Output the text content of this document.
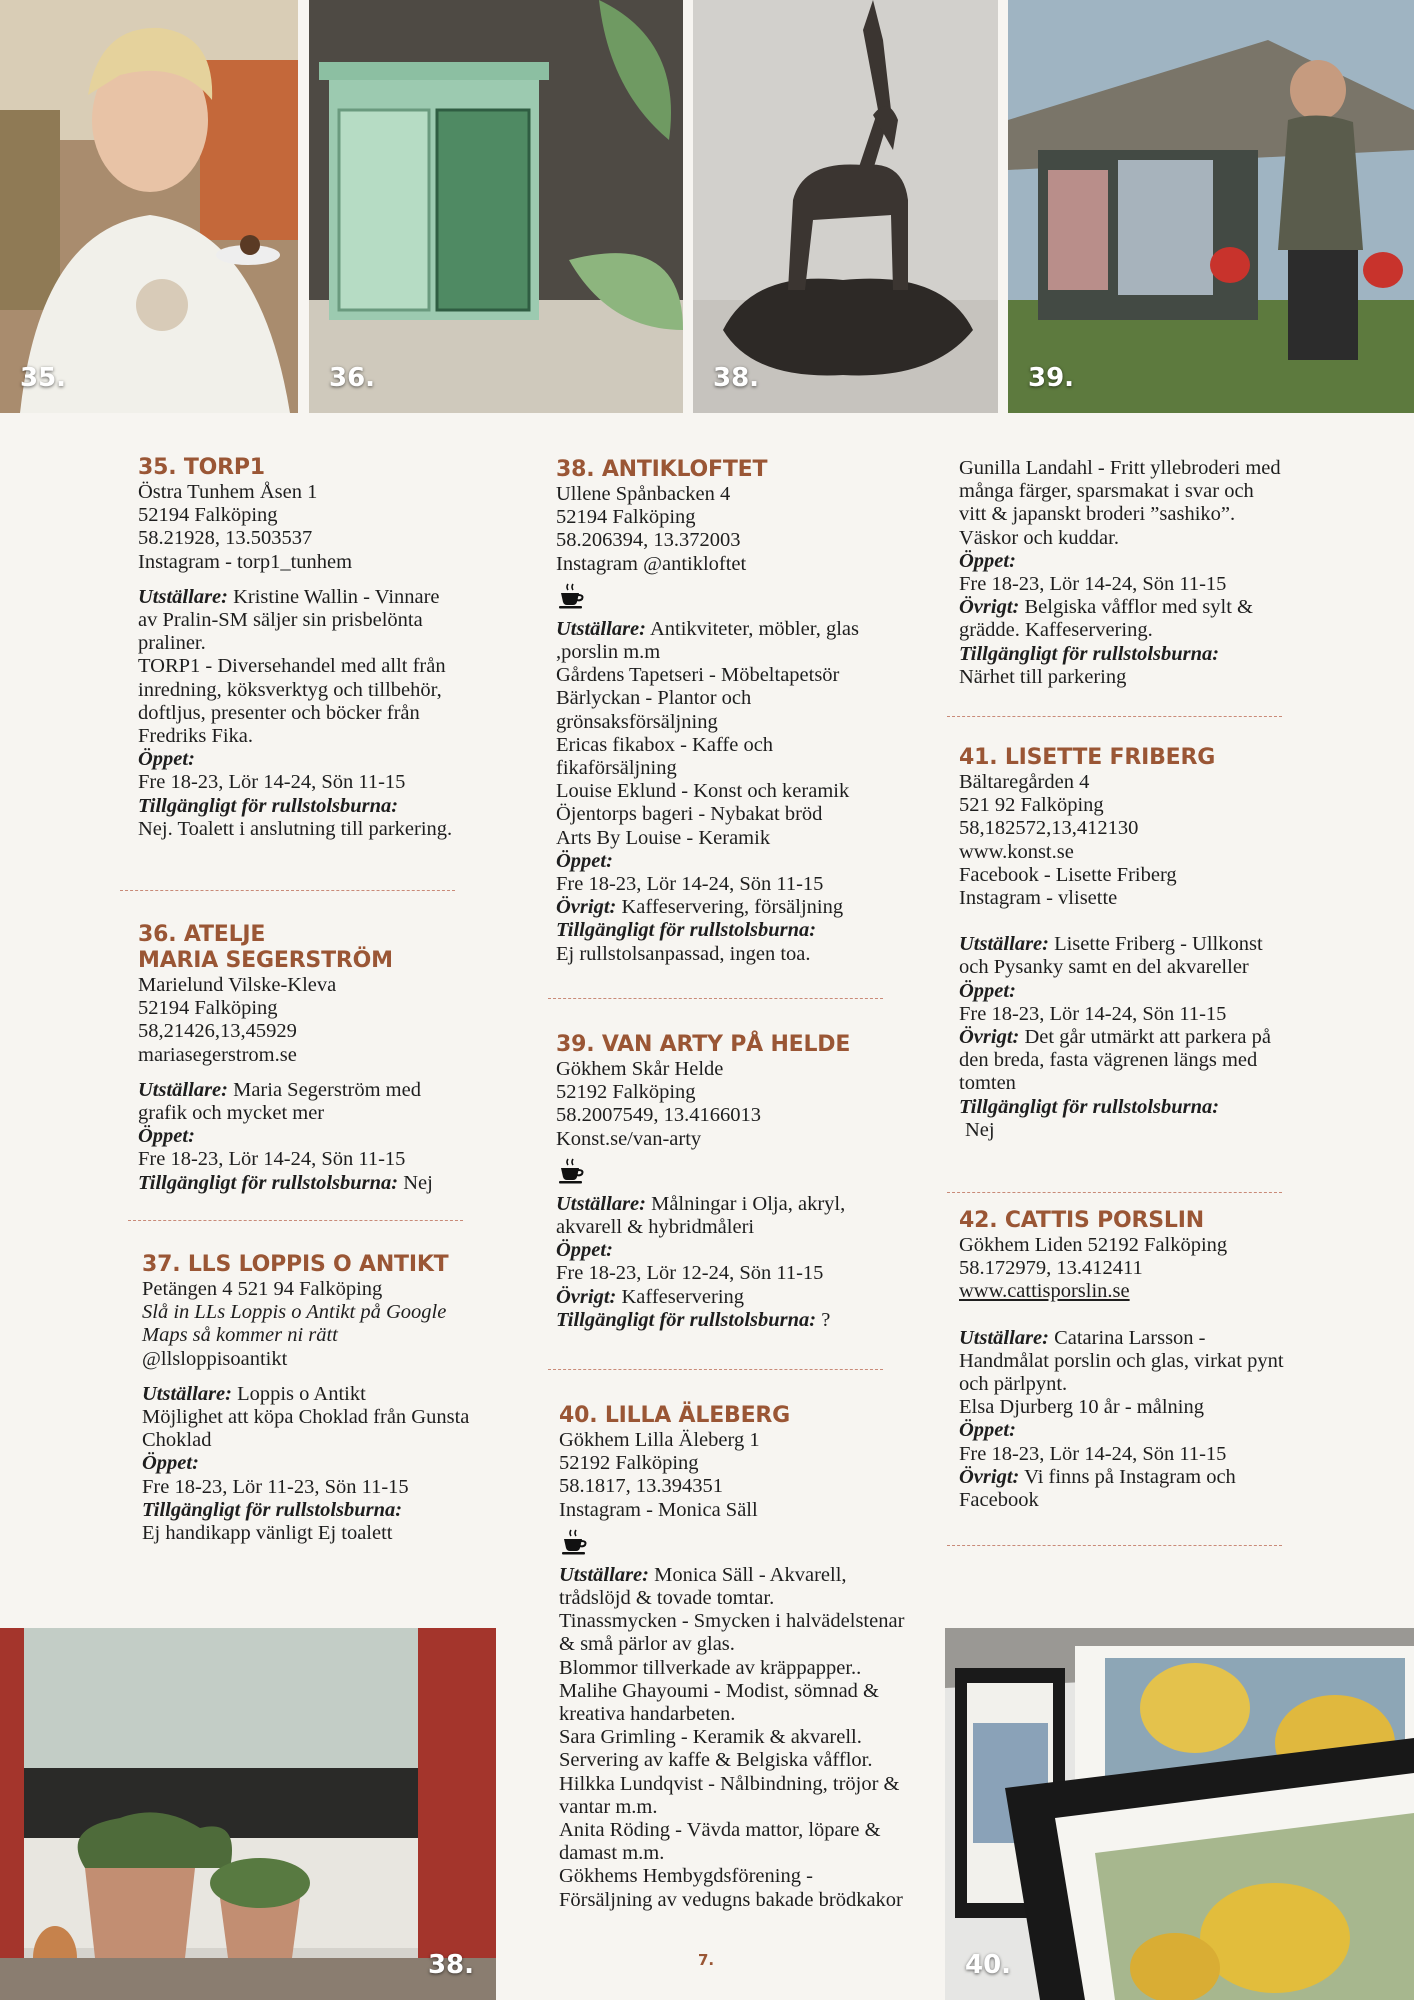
35.	36.	38.	39.
35. TORP1

Östra Tunhem Åsen 1

52194 Falköping

58.21928, 13.503537

Instagram - torp1_tunhem

Utställare: Kristine Wallin - Vinnare av Pralin-SM säljer sin prisbelönta praliner.

TORP1 - Diversehandel med allt från inredning, köksverktyg och tillbehör, doftljus, presenter och böcker från Fredriks Fika.

Öppet:

Fre 18-23, Lör 14-24, Sön 11-15

Tillgängligt för rullstolsburna:

Nej. Toalett i anslutning till parkering.

36. ATELJE
MARIA SEGERSTRÖM

Marielund Vilske-Kleva

52194 Falköping

58,21426,13,45929

mariasegerstrom.se

Utställare: Maria Segerström med grafik och mycket mer

Öppet:

Fre 18-23, Lör 14-24, Sön 11-15

Tillgängligt för rullstolsburna: Nej

37. LLS LOPPIS O ANTIKT

Petängen 4 521 94 Falköping

Slå in LLs Loppis o Antikt på Google Maps så kommer ni rätt

@llsloppisoantikt

Utställare: Loppis o Antikt

Möjlighet att köpa Choklad från Gunsta Choklad

Öppet:

Fre 18-23, Lör 11-23, Sön 11-15

Tillgängligt för rullstolsburna:

Ej handikapp vänligt Ej toalett

38. ANTIKLOFTET

Ullene Spånbacken 4

52194 Falköping

58.206394, 13.372003

Instagram @antikloftet

Utställare: Antikviteter, möbler, glas ,porslin m.m

Gårdens Tapetseri - Möbeltapetsör

Bärlyckan - Plantor och grönsaksförsäljning

Ericas fikabox - Kaffe och fikaförsäljning

Louise Eklund - Konst och keramik

Öjentorps bageri - Nybakat bröd

Arts By Louise - Keramik

Öppet:

Fre 18-23, Lör 14-24, Sön 11-15

Övrigt: Kaffeservering, försäljning

Tillgängligt för rullstolsburna:

Ej rullstolsanpassad, ingen toa.

39. VAN ARTY PÅ HELDE

Gökhem Skår Helde

52192 Falköping

58.2007549, 13.4166013

Konst.se/van-arty

Utställare: Målningar i Olja, akryl, akvarell & hybridmåleri

Öppet:

Fre 18-23, Lör 12-24, Sön 11-15

Övrigt: Kaffeservering

Tillgängligt för rullstolsburna: ?

40. LILLA ÄLEBERG

Gökhem Lilla Äleberg 1

52192 Falköping

58.1817, 13.394351

Instagram - Monica Säll

Utställare: Monica Säll - Akvarell, trådslöjd & tovade tomtar.

Tinassmycken - Smycken i halvädelstenar & små pärlor av glas.

Blommor tillverkade av kräppapper..

Malihe Ghayoumi - Modist, sömnad & kreativa handarbeten.

Sara Grimling - Keramik & akvarell.

Servering av kaffe & Belgiska våfflor.

Hilkka Lundqvist - Nålbindning, tröjor & vantar m.m.

Anita Röding - Vävda mattor, löpare & damast m.m.

Gökhems Hembygdsförening - Försäljning av vedugns bakade brödkakor

Gunilla Landahl - Fritt yllebroderi med många färger, sparsmakat i svar och vitt & japanskt broderi ”sashiko”. Väskor och kuddar.

Öppet:

Fre 18-23, Lör 14-24, Sön 11-15

Övrigt: Belgiska våfflor med sylt & grädde. Kaffeservering.

Tillgängligt för rullstolsburna:

Närhet till parkering

41. LISETTE FRIBERG

Bältaregården 4

521 92 Falköping

58,182572,13,412130

www.konst.se

Facebook - Lisette Friberg

Instagram - vlisette

Utställare: Lisette Friberg - Ullkonst och Pysanky samt en del akvareller

Öppet:

Fre 18-23, Lör 14-24, Sön 11-15

Övrigt: Det går utmärkt att parkera på den breda, fasta vägrenen längs med tomten

Tillgängligt för rullstolsburna:

Nej

42. CATTIS PORSLIN

Gökhem Liden 52192 Falköping

58.172979, 13.412411

www.cattisporslin.se

Utställare: Catarina Larsson - Handmålat porslin och glas, virkat pynt och pärlpynt.

Elsa Djurberg 10 år - målning

Öppet:

Fre 18-23, Lör 14-24, Sön 11-15

Övrigt: Vi finns på Instagram och Facebook

38.	7.	40.
